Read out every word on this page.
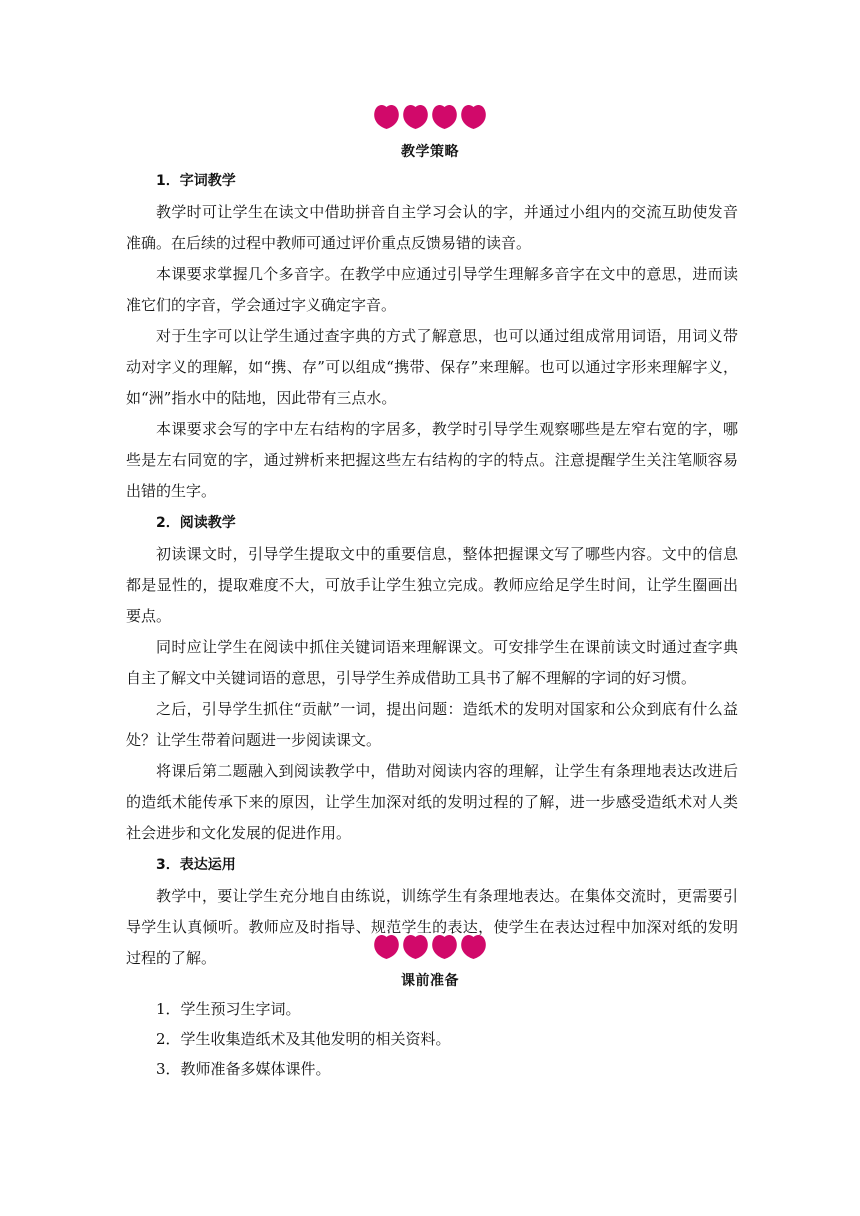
教学策略

1．字词教学

教学时可让学生在读文中借助拼音自主学习会认的字，并通过小组内的交流互助使发音准确。在后续的过程中教师可通过评价重点反馈易错的读音。

本课要求掌握几个多音字。在教学中应通过引导学生理解多音字在文中的意思，进而读准它们的字音，学会通过字义确定字音。

对于生字可以让学生通过查字典的方式了解意思，也可以通过组成常用词语，用词义带动对字义的理解，如“携、存”可以组成“携带、保存”来理解。也可以通过字形来理解字义，如“洲”指水中的陆地，因此带有三点水。

本课要求会写的字中左右结构的字居多，教学时引导学生观察哪些是左窄右宽的字，哪些是左右同宽的字，通过辨析来把握这些左右结构的字的特点。注意提醒学生关注笔顺容易出错的生字。

2．阅读教学

初读课文时，引导学生提取文中的重要信息，整体把握课文写了哪些内容。文中的信息都是显性的，提取难度不大，可放手让学生独立完成。教师应给足学生时间，让学生圈画出要点。

同时应让学生在阅读中抓住关键词语来理解课文。可安排学生在课前读文时通过查字典自主了解文中关键词语的意思，引导学生养成借助工具书了解不理解的字词的好习惯。

之后，引导学生抓住“贡献”一词，提出问题：造纸术的发明对国家和公众到底有什么益处？让学生带着问题进一步阅读课文。

将课后第二题融入到阅读教学中，借助对阅读内容的理解，让学生有条理地表达改进后的造纸术能传承下来的原因，让学生加深对纸的发明过程的了解，进一步感受造纸术对人类社会进步和文化发展的促进作用。

3．表达运用

教学中，要让学生充分地自由练说，训练学生有条理地表达。在集体交流时，更需要引导学生认真倾听。教师应及时指导、规范学生的表达，使学生在表达过程中加深对纸的发明过程的了解。

课前准备

1．学生预习生字词。

2．学生收集造纸术及其他发明的相关资料。

3．教师准备多媒体课件。
